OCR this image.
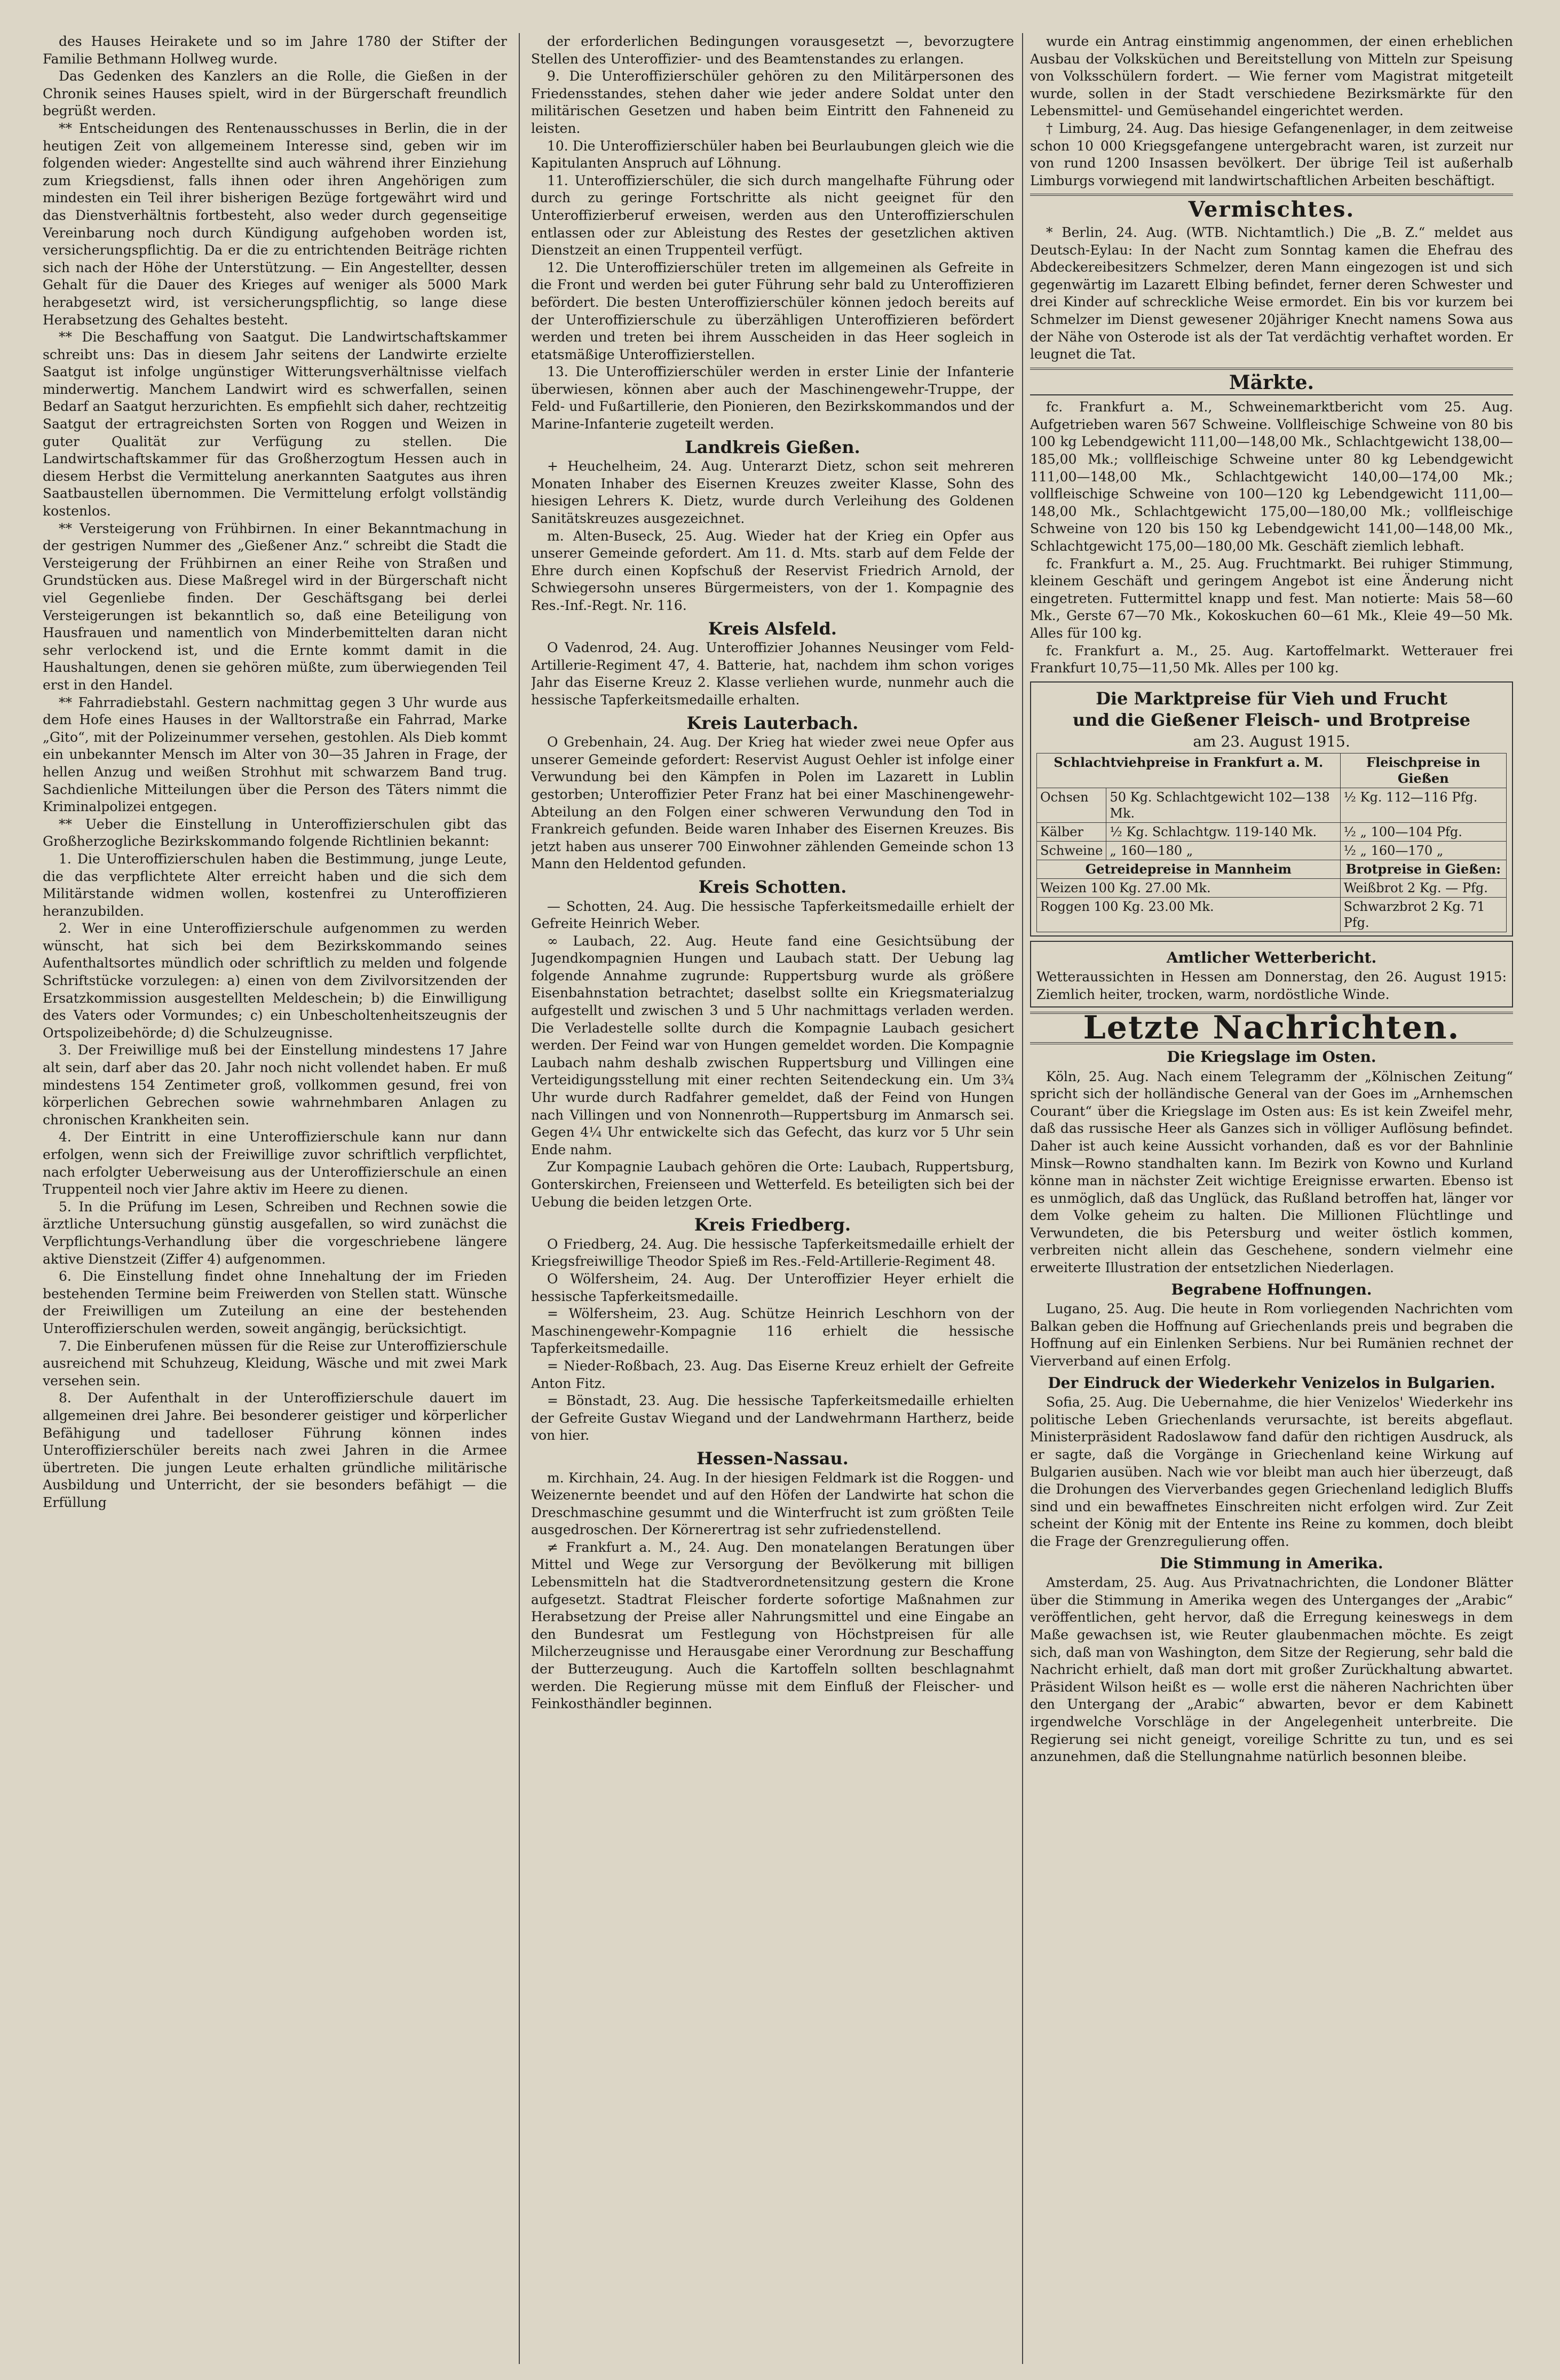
des Hauses Heirakete und so im Jahre 1780 der Stifter der Familie Bethmann Hollweg wurde.

Das Gedenken des Kanzlers an die Rolle, die Gießen in der Chronik seines Hauses spielt, wird in der Bürgerschaft freundlich begrüßt werden.

** Entscheidungen des Rentenausschusses in Berlin, die in der heutigen Zeit von allgemeinem Interesse sind, geben wir im folgenden wieder: Angestellte sind auch während ihrer Einziehung zum Kriegsdienst, falls ihnen oder ihren Angehörigen zum mindesten ein Teil ihrer bisherigen Bezüge fortgewährt wird und das Dienstverhältnis fortbesteht, also weder durch gegenseitige Vereinbarung noch durch Kündigung aufgehoben worden ist, versicherungspflichtig. Da er die zu entrichtenden Beiträge richten sich nach der Höhe der Unterstützung. — Ein Angestellter, dessen Gehalt für die Dauer des Krieges auf weniger als 5000 Mark herabgesetzt wird, ist versicherungspflichtig, so lange diese Herabsetzung des Gehaltes besteht.

** Die Beschaffung von Saatgut. Die Landwirtschaftskammer schreibt uns: Das in diesem Jahr seitens der Landwirte erzielte Saatgut ist infolge ungünstiger Witterungsverhältnisse vielfach minderwertig. Manchem Landwirt wird es schwerfallen, seinen Bedarf an Saatgut herzurichten. Es empfiehlt sich daher, rechtzeitig Saatgut der ertragreichsten Sorten von Roggen und Weizen in guter Qualität zur Verfügung zu stellen. Die Landwirtschaftskammer für das Großherzogtum Hessen auch in diesem Herbst die Vermittelung anerkannten Saatgutes aus ihren Saatbaustellen übernommen. Die Vermittelung erfolgt vollständig kostenlos.

** Versteigerung von Frühbirnen. In einer Bekanntmachung in der gestrigen Nummer des „Gießener Anz.“ schreibt die Stadt die Versteigerung der Frühbirnen an einer Reihe von Straßen und Grundstücken aus. Diese Maßregel wird in der Bürgerschaft nicht viel Gegenliebe finden. Der Geschäftsgang bei derlei Versteigerungen ist bekanntlich so, daß eine Beteiligung von Hausfrauen und namentlich von Minderbemittelten daran nicht sehr verlockend ist, und die Ernte kommt damit in die Haushaltungen, denen sie gehören müßte, zum überwiegenden Teil erst in den Handel.

** Fahrradiebstahl. Gestern nachmittag gegen 3 Uhr wurde aus dem Hofe eines Hauses in der Walltorstraße ein Fahrrad, Marke „Gito“, mit der Polizeinummer versehen, gestohlen. Als Dieb kommt ein unbekannter Mensch im Alter von 30—35 Jahren in Frage, der hellen Anzug und weißen Strohhut mit schwarzem Band trug. Sachdienliche Mitteilungen über die Person des Täters nimmt die Kriminalpolizei entgegen.

** Ueber die Einstellung in Unteroffizierschulen gibt das Großherzogliche Bezirkskommando folgende Richtlinien bekannt:

1. Die Unteroffizierschulen haben die Bestimmung, junge Leute, die das verpflichtete Alter erreicht haben und die sich dem Militärstande widmen wollen, kostenfrei zu Unteroffizieren heranzubilden.

2. Wer in eine Unteroffizierschule aufgenommen zu werden wünscht, hat sich bei dem Bezirkskommando seines Aufenthaltsortes mündlich oder schriftlich zu melden und folgende Schriftstücke vorzulegen: a) einen von dem Zivilvorsitzenden der Ersatzkommission ausgestellten Meldeschein; b) die Einwilligung des Vaters oder Vormundes; c) ein Unbescholtenheitszeugnis der Ortspolizeibehörde; d) die Schulzeugnisse.

3. Der Freiwillige muß bei der Einstellung mindestens 17 Jahre alt sein, darf aber das 20. Jahr noch nicht vollendet haben. Er muß mindestens 154 Zentimeter groß, vollkommen gesund, frei von körperlichen Gebrechen sowie wahrnehmbaren Anlagen zu chronischen Krankheiten sein.

4. Der Eintritt in eine Unteroffizierschule kann nur dann erfolgen, wenn sich der Freiwillige zuvor schriftlich verpflichtet, nach erfolgter Ueberweisung aus der Unteroffizierschule an einen Truppenteil noch vier Jahre aktiv im Heere zu dienen.

5. In die Prüfung im Lesen, Schreiben und Rechnen sowie die ärztliche Untersuchung günstig ausgefallen, so wird zunächst die Verpflichtungs-Verhandlung über die vorgeschriebene längere aktive Dienstzeit (Ziffer 4) aufgenommen.

6. Die Einstellung findet ohne Innehaltung der im Frieden bestehenden Termine beim Freiwerden von Stellen statt. Wünsche der Freiwilligen um Zuteilung an eine der bestehenden Unteroffizierschulen werden, soweit angängig, berücksichtigt.

7. Die Einberufenen müssen für die Reise zur Unteroffizierschule ausreichend mit Schuhzeug, Kleidung, Wäsche und mit zwei Mark versehen sein.

8. Der Aufenthalt in der Unteroffizierschule dauert im allgemeinen drei Jahre. Bei besonderer geistiger und körperlicher Befähigung und tadelloser Führung können indes Unteroffizierschüler bereits nach zwei Jahren in die Armee übertreten. Die jungen Leute erhalten gründliche militärische Ausbildung und Unterricht, der sie besonders befähigt — die Erfüllung

der erforderlichen Bedingungen vorausgesetzt —, bevorzugtere Stellen des Unteroffizier- und des Beamtenstandes zu erlangen.

9. Die Unteroffizierschüler gehören zu den Militärpersonen des Friedensstandes, stehen daher wie jeder andere Soldat unter den militärischen Gesetzen und haben beim Eintritt den Fahneneid zu leisten.

10. Die Unteroffizierschüler haben bei Beurlaubungen gleich wie die Kapitulanten Anspruch auf Löhnung.

11. Unteroffizierschüler, die sich durch mangelhafte Führung oder durch zu geringe Fortschritte als nicht geeignet für den Unteroffizierberuf erweisen, werden aus den Unteroffizierschulen entlassen oder zur Ableistung des Restes der gesetzlichen aktiven Dienstzeit an einen Truppenteil verfügt.

12. Die Unteroffizierschüler treten im allgemeinen als Gefreite in die Front und werden bei guter Führung sehr bald zu Unteroffizieren befördert. Die besten Unteroffizierschüler können jedoch bereits auf der Unteroffizierschule zu überzähligen Unteroffizieren befördert werden und treten bei ihrem Ausscheiden in das Heer sogleich in etatsmäßige Unteroffizierstellen.

13. Die Unteroffizierschüler werden in erster Linie der Infanterie überwiesen, können aber auch der Maschinengewehr-Truppe, der Feld- und Fußartillerie, den Pionieren, den Bezirkskommandos und der Marine-Infanterie zugeteilt werden.

Landkreis Gießen.

+ Heuchelheim, 24. Aug. Unterarzt Dietz, schon seit mehreren Monaten Inhaber des Eisernen Kreuzes zweiter Klasse, Sohn des hiesigen Lehrers K. Dietz, wurde durch Verleihung des Goldenen Sanitätskreuzes ausgezeichnet.

m. Alten-Buseck, 25. Aug. Wieder hat der Krieg ein Opfer aus unserer Gemeinde gefordert. Am 11. d. Mts. starb auf dem Felde der Ehre durch einen Kopfschuß der Reservist Friedrich Arnold, der Schwiegersohn unseres Bürgermeisters, von der 1. Kompagnie des Res.-Inf.-Regt. Nr. 116.

Kreis Alsfeld.

O Vadenrod, 24. Aug. Unteroffizier Johannes Neusinger vom Feld-Artillerie-Regiment 47, 4. Batterie, hat, nachdem ihm schon voriges Jahr das Eiserne Kreuz 2. Klasse verliehen wurde, nunmehr auch die hessische Tapferkeitsmedaille erhalten.

Kreis Lauterbach.

O Grebenhain, 24. Aug. Der Krieg hat wieder zwei neue Opfer aus unserer Gemeinde gefordert: Reservist August Oehler ist infolge einer Verwundung bei den Kämpfen in Polen im Lazarett in Lublin gestorben; Unteroffizier Peter Franz hat bei einer Maschinengewehr-Abteilung an den Folgen einer schweren Verwundung den Tod in Frankreich gefunden. Beide waren Inhaber des Eisernen Kreuzes. Bis jetzt haben aus unserer 700 Einwohner zählenden Gemeinde schon 13 Mann den Heldentod gefunden.

Kreis Schotten.

— Schotten, 24. Aug. Die hessische Tapferkeitsmedaille erhielt der Gefreite Heinrich Weber.

∞ Laubach, 22. Aug. Heute fand eine Gesichtsübung der Jugendkompagnien Hungen und Laubach statt. Der Uebung lag folgende Annahme zugrunde: Ruppertsburg wurde als größere Eisenbahnstation betrachtet; daselbst sollte ein Kriegsmaterialzug aufgestellt und zwischen 3 und 5 Uhr nachmittags verladen werden. Die Verladestelle sollte durch die Kompagnie Laubach gesichert werden. Der Feind war von Hungen gemeldet worden. Die Kompagnie Laubach nahm deshalb zwischen Ruppertsburg und Villingen eine Verteidigungsstellung mit einer rechten Seitendeckung ein. Um 3¾ Uhr wurde durch Radfahrer gemeldet, daß der Feind von Hungen nach Villingen und von Nonnenroth—Ruppertsburg im Anmarsch sei. Gegen 4¼ Uhr entwickelte sich das Gefecht, das kurz vor 5 Uhr sein Ende nahm.

Zur Kompagnie Laubach gehören die Orte: Laubach, Ruppertsburg, Gonterskirchen, Freienseen und Wetterfeld. Es beteiligten sich bei der Uebung die beiden letzgen Orte.

Kreis Friedberg.

O Friedberg, 24. Aug. Die hessische Tapferkeitsmedaille erhielt der Kriegsfreiwillige Theodor Spieß im Res.-Feld-Artillerie-Regiment 48.

O Wölfersheim, 24. Aug. Der Unteroffizier Heyer erhielt die hessische Tapferkeitsmedaille.

= Wölfersheim, 23. Aug. Schütze Heinrich Leschhorn von der Maschinengewehr-Kompagnie 116 erhielt die hessische Tapferkeitsmedaille.

= Nieder-Roßbach, 23. Aug. Das Eiserne Kreuz erhielt der Gefreite Anton Fitz.

= Bönstadt, 23. Aug. Die hessische Tapferkeitsmedaille erhielten der Gefreite Gustav Wiegand und der Landwehrmann Hartherz, beide von hier.

Hessen-Nassau.

m. Kirchhain, 24. Aug. In der hiesigen Feldmark ist die Roggen- und Weizenernte beendet und auf den Höfen der Landwirte hat schon die Dreschmaschine gesummt und die Winterfrucht ist zum größten Teile ausgedroschen. Der Körnerertrag ist sehr zufriedenstellend.

≠ Frankfurt a. M., 24. Aug. Den monatelangen Beratungen über Mittel und Wege zur Versorgung der Bevölkerung mit billigen Lebensmitteln hat die Stadtverordnetensitzung gestern die Krone aufgesetzt. Stadtrat Fleischer forderte sofortige Maßnahmen zur Herabsetzung der Preise aller Nahrungsmittel und eine Eingabe an den Bundesrat um Festlegung von Höchstpreisen für alle Milcherzeugnisse und Herausgabe einer Verordnung zur Beschaffung der Butterzeugung. Auch die Kartoffeln sollten beschlagnahmt werden. Die Regierung müsse mit dem Einfluß der Fleischer- und Feinkosthändler beginnen.

wurde ein Antrag einstimmig angenommen, der einen erheblichen Ausbau der Volksküchen und Bereitstellung von Mitteln zur Speisung von Volksschülern fordert. — Wie ferner vom Magistrat mitgeteilt wurde, sollen in der Stadt verschiedene Bezirksmärkte für den Lebensmittel- und Gemüsehandel eingerichtet werden.

† Limburg, 24. Aug. Das hiesige Gefangenenlager, in dem zeitweise schon 10 000 Kriegsgefangene untergebracht waren, ist zurzeit nur von rund 1200 Insassen bevölkert. Der übrige Teil ist außerhalb Limburgs vorwiegend mit landwirtschaftlichen Arbeiten beschäftigt.

Vermischtes.

* Berlin, 24. Aug. (WTB. Nichtamtlich.) Die „B. Z.“ meldet aus Deutsch-Eylau: In der Nacht zum Sonntag kamen die Ehefrau des Abdeckereibesitzers Schmelzer, deren Mann eingezogen ist und sich gegenwärtig im Lazarett Elbing befindet, ferner deren Schwester und drei Kinder auf schreckliche Weise ermordet. Ein bis vor kurzem bei Schmelzer im Dienst gewesener 20jähriger Knecht namens Sowa aus der Nähe von Osterode ist als der Tat verdächtig verhaftet worden. Er leugnet die Tat.

Märkte.

fc. Frankfurt a. M., Schweinemarktbericht vom 25. Aug. Aufgetrieben waren 567 Schweine. Vollfleischige Schweine von 80 bis 100 kg Lebendgewicht 111,00—148,00 Mk., Schlachtgewicht 138,00—185,00 Mk.; vollfleischige Schweine unter 80 kg Lebendgewicht 111,00—148,00 Mk., Schlachtgewicht 140,00—174,00 Mk.; vollfleischige Schweine von 100—120 kg Lebendgewicht 111,00—148,00 Mk., Schlachtgewicht 175,00—180,00 Mk.; vollfleischige Schweine von 120 bis 150 kg Lebendgewicht 141,00—148,00 Mk., Schlachtgewicht 175,00—180,00 Mk. Geschäft ziemlich lebhaft.

fc. Frankfurt a. M., 25. Aug. Fruchtmarkt. Bei ruhiger Stimmung, kleinem Geschäft und geringem Angebot ist eine Änderung nicht eingetreten. Futtermittel knapp und fest. Man notierte: Mais 58—60 Mk., Gerste 67—70 Mk., Kokoskuchen 60—61 Mk., Kleie 49—50 Mk. Alles für 100 kg.

fc. Frankfurt a. M., 25. Aug. Kartoffelmarkt. Wetterauer frei Frankfurt 10,75—11,50 Mk. Alles per 100 kg.

Die Marktpreise für Vieh und Frucht
und die Gießener Fleisch- und Brotpreise
am 23. August 1915.
Schlachtviehpreise in Frankfurt a. M.		Fleischpreise in Gießen
Ochsen	50 Kg. Schlachtgewicht 102—138 Mk.	½ Kg. 112—116 Pfg.
Kälber	½ Kg. Schlachtgw. 119-140 Mk.	½ „ 100—104 Pfg.
Schweine	„ 160—180 „	½ „ 160—170 „
Getreidepreise in Mannheim		Brotpreise in Gießen:
Weizen 100 Kg. 27.00 Mk.		Weißbrot 2 Kg. — Pfg.
Roggen 100 Kg. 23.00 Mk.		Schwarzbrot 2 Kg. 71 Pfg.
Amtlicher Wetterbericht.

Wetteraussichten in Hessen am Donnerstag, den 26. August 1915: Ziemlich heiter, trocken, warm, nordöstliche Winde.

Letzte Nachrichten.
Die Kriegslage im Osten.

Köln, 25. Aug. Nach einem Telegramm der „Kölnischen Zeitung“ spricht sich der holländische General van der Goes im „Arnhemschen Courant“ über die Kriegslage im Osten aus: Es ist kein Zweifel mehr, daß das russische Heer als Ganzes sich in völliger Auflösung befindet. Daher ist auch keine Aussicht vorhanden, daß es vor der Bahnlinie Minsk—Rowno standhalten kann. Im Bezirk von Kowno und Kurland könne man in nächster Zeit wichtige Ereignisse erwarten. Ebenso ist es unmöglich, daß das Unglück, das Rußland betroffen hat, länger vor dem Volke geheim zu halten. Die Millionen Flüchtlinge und Verwundeten, die bis Petersburg und weiter östlich kommen, verbreiten nicht allein das Geschehene, sondern vielmehr eine erweiterte Illustration der entsetzlichen Niederlagen.

Begrabene Hoffnungen.

Lugano, 25. Aug. Die heute in Rom vorliegenden Nachrichten vom Balkan geben die Hoffnung auf Griechenlands preis und begraben die Hoffnung auf ein Einlenken Serbiens. Nur bei Rumänien rechnet der Vierverband auf einen Erfolg.

Der Eindruck der Wiederkehr Venizelos in Bulgarien.

Sofia, 25. Aug. Die Uebernahme, die hier Venizelos' Wiederkehr ins politische Leben Griechenlands verursachte, ist bereits abgeflaut. Ministerpräsident Radoslawow fand dafür den richtigen Ausdruck, als er sagte, daß die Vorgänge in Griechenland keine Wirkung auf Bulgarien ausüben. Nach wie vor bleibt man auch hier überzeugt, daß die Drohungen des Vierverbandes gegen Griechenland lediglich Bluffs sind und ein bewaffnetes Einschreiten nicht erfolgen wird. Zur Zeit scheint der König mit der Entente ins Reine zu kommen, doch bleibt die Frage der Grenzregulierung offen.

Die Stimmung in Amerika.

Amsterdam, 25. Aug. Aus Privatnachrichten, die Londoner Blätter über die Stimmung in Amerika wegen des Unterganges der „Arabic“ veröffentlichen, geht hervor, daß die Erregung keineswegs in dem Maße gewachsen ist, wie Reuter glaubenmachen möchte. Es zeigt sich, daß man von Washington, dem Sitze der Regierung, sehr bald die Nachricht erhielt, daß man dort mit großer Zurückhaltung abwartet. Präsident Wilson heißt es — wolle erst die näheren Nachrichten über den Untergang der „Arabic“ abwarten, bevor er dem Kabinett irgendwelche Vorschläge in der Angelegenheit unterbreite. Die Regierung sei nicht geneigt, voreilige Schritte zu tun, und es sei anzunehmen, daß die Stellungnahme natürlich besonnen bleibe.
